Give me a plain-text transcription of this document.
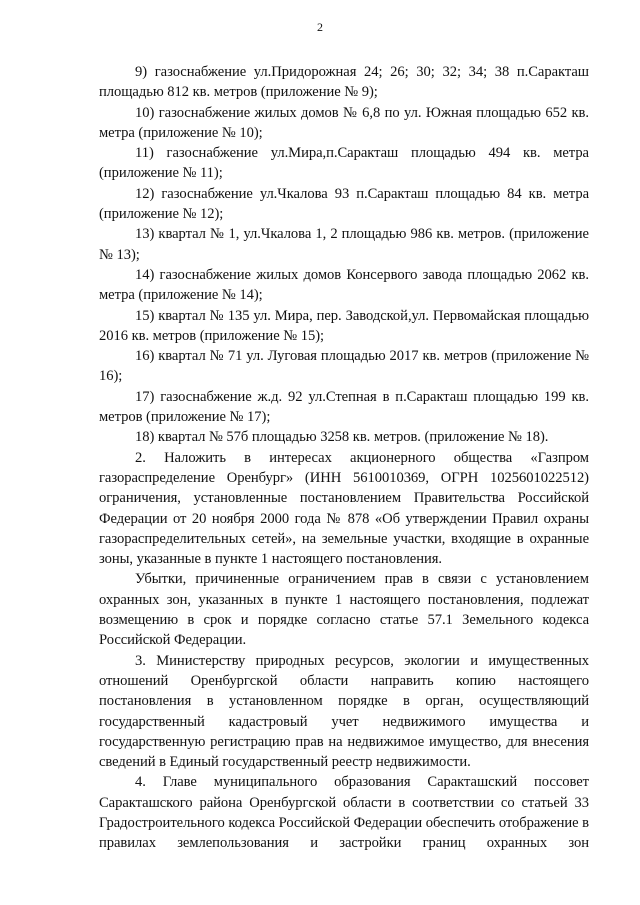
2

9) газоснабжение ул.Придорожная 24; 26; 30; 32; 34; 38 п.Саракташ площадью 812 кв. метров (приложение № 9);

10) газоснабжение жилых домов № 6,8 по ул. Южная площадью 652 кв. метра (приложение № 10);

11) газоснабжение ул.Мира,п.Саракташ площадью 494 кв. метра (приложение № 11);

12) газоснабжение ул.Чкалова 93 п.Саракташ площадью 84 кв. метра (приложение № 12);

13) квартал № 1, ул.Чкалова 1, 2 площадью 986 кв. метров. (приложение № 13);

14) газоснабжение жилых домов Консервого завода площадью 2062 кв. метра (приложение № 14);

15) квартал № 135 ул. Мира, пер. Заводской,ул. Первомайская площадью 2016 кв. метров (приложение № 15);

16) квартал № 71 ул. Луговая площадью 2017 кв. метров (приложение № 16);

17) газоснабжение ж.д. 92 ул.Степная в п.Саракташ площадью 199 кв. метров (приложение № 17);

18) квартал № 57б площадью 3258 кв. метров. (приложение № 18).

2. Наложить в интересах акционерного общества «Газпром газораспределение Оренбург» (ИНН 5610010369, ОГРН 1025601022512) ограничения, установленные постановлением Правительства Российской Федерации от 20 ноября 2000 года № 878 «Об утверждении Правил охраны газораспределительных сетей», на земельные участки, входящие в охранные зоны, указанные в пункте 1 настоящего постановления.

Убытки, причиненные ограничением прав в связи с установлением охранных зон, указанных в пункте 1 настоящего постановления, подлежат возмещению в срок и порядке согласно статье 57.1 Земельного кодекса Российской Федерации.

3. Министерству природных ресурсов, экологии и имущественных отношений Оренбургской области направить копию настоящего постановления в установленном порядке в орган, осуществляющий государственный кадастровый учет недвижимого имущества и государственную регистрацию прав на недвижимое имущество, для внесения сведений в Единый государственный реестр недвижимости.

4. Главе муниципального образования Саракташский поссовет Саракташского района Оренбургской области в соответствии со статьей 33 Градостроительного кодекса Российской Федерации обеспечить отображение в правилах землепользования и застройки границ охранных зон
